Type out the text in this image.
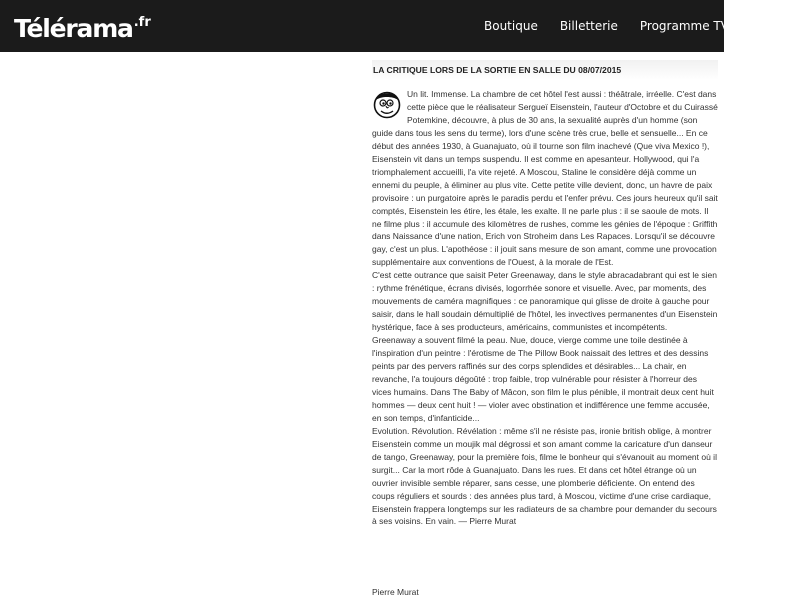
Télérama$^{.fr}$	Boutique Billetterie Programme TV Té
LA CRITIQUE LORS DE LA SORTIE EN SALLE DU 08/07/2015

Un lit. Immense. La chambre de cet hôtel l'est aussi : théâtrale, irréelle. C'est dans cette pièce que le réalisateur Sergueï Eisenstein, l'auteur d'Octobre et du Cuirassé Potemkine, découvre, à plus de 30 ans, la sexualité auprès d'un homme (son guide dans tous les sens du terme), lors d'une scène très crue, belle et sensuelle... En ce début des années 1930, à Guanajuato, où il tourne son film inachevé (Que viva Mexico !), Eisenstein vit dans un temps suspendu. Il est comme en apesanteur. Hollywood, qui l'a triomphalement accueilli, l'a vite rejeté. A Moscou, Staline le considère déjà comme un ennemi du peuple, à éliminer au plus vite. Cette petite ville devient, donc, un havre de paix provisoire : un purgatoire après le paradis perdu et l'enfer prévu. Ces jours heureux qu'il sait comptés, Eisenstein les étire, les étale, les exalte. Il ne parle plus : il se saoule de mots. Il ne filme plus : il accumule des kilomètres de rushes, comme les génies de l'époque : Griffith dans Naissance d'une nation, Erich von Stroheim dans Les Rapaces. Lorsqu'il se découvre gay, c'est un plus. L'apothéose : il jouit sans mesure de son amant, comme une provocation supplémentaire aux conventions de l'Ouest, à la morale de l'Est.

C'est cette outrance que saisit Peter Greenaway, dans le style abracadabrant qui est le sien : rythme frénétique, écrans divisés, logorrhée sonore et visuelle. Avec, par moments, des mouvements de caméra magnifiques : ce panoramique qui glisse de droite à gauche pour saisir, dans le hall soudain démultiplié de l'hôtel, les invectives permanentes d'un Eisenstein hystérique, face à ses producteurs, américains, communistes et incompétents.

Greenaway a souvent filmé la peau. Nue, douce, vierge comme une toile destinée à l'inspiration d'un peintre : l'érotisme de The Pillow Book naissait des lettres et des dessins peints par des pervers raffinés sur des corps splendides et désirables... La chair, en revanche, l'a toujours dégoûté : trop faible, trop vulnérable pour résister à l'horreur des vices humains. Dans The Baby of Mâcon, son film le plus pénible, il montrait deux cent huit hommes — deux cent huit ! — violer avec obstination et indifférence une femme accusée, en son temps, d'infanticide...

Evolution. Révolution. Révélation : même s'il ne résiste pas, ironie british oblige, à montrer Eisenstein comme un moujik mal dégrossi et son amant comme la caricature d'un danseur de tango, Greenaway, pour la première fois, filme le bonheur qui s'évanouit au moment où il surgit... Car la mort rôde à Guanajuato. Dans les rues. Et dans cet hôtel étrange où un ouvrier invisible semble réparer, sans cesse, une plomberie déficiente. On entend des coups réguliers et sourds : des années plus tard, à Moscou, victime d'une crise cardiaque, Eisenstein frappera longtemps sur les radiateurs de sa chambre pour demander du secours à ses voisins. En vain. — Pierre Murat

Pierre Murat
